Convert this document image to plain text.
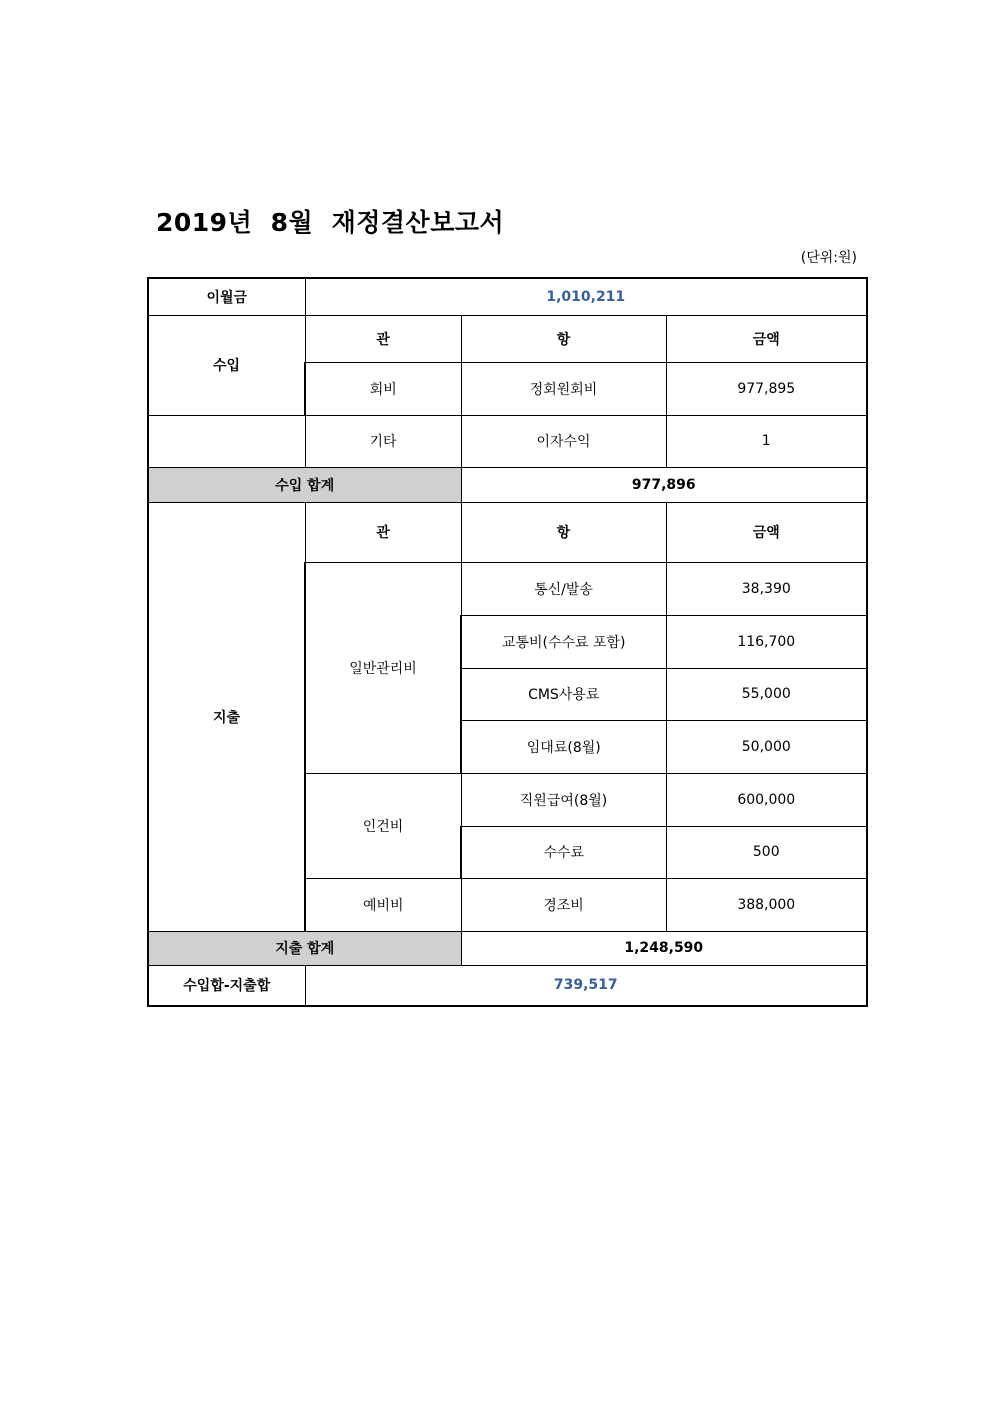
2019년  8월  재정결산보고서
(단위:원)
이월금	1,010,211		
수입	관	항	금액
	회비	정회원회비	977,895
	기타	이자수익	1
수입 합계		977,896	
지출	관	항	금액
	일반관리비	통신/발송	38,390
		교통비(수수료 포함)	116,700
		CMS사용료	55,000
		임대료(8월)	50,000
	인건비	직원급여(8월)	600,000
		수수료	500
	예비비	경조비	388,000
지출 합계		1,248,590	
수입합-지출합	739,517		
